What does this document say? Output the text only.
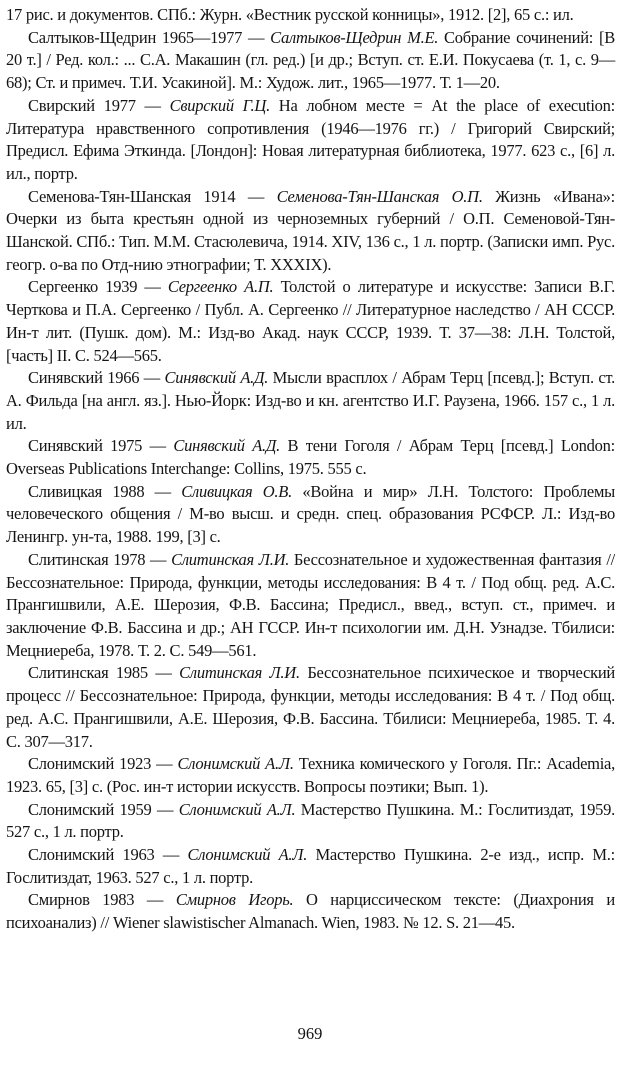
17 рис. и документов. СПб.: Журн. «Вестник русской конницы», 1912. [2], 65 с.: ил.

Салтыков-Щедрин 1965—1977 — Салтыков-Щедрин М.Е. Собрание сочинений: [В 20 т.] / Ред. кол.: ... С.А. Макашин (гл. ред.) [и др.; Вступ. ст. Е.И. Покусаева (т. 1, с. 9—68); Ст. и примеч. Т.И. Усакиной]. М.: Худож. лит., 1965—1977. Т. 1—20.

Свирский 1977 — Свирский Г.Ц. На лобном месте = At the place of execution: Литература нравственного сопротивления (1946—1976 гг.) / Григорий Свирский; Предисл. Ефима Эткинда. [Лондон]: Новая литературная библиотека, 1977. 623 с., [6] л. ил., портр.

Семенова-Тян-Шанская 1914 — Семенова-Тян-Шанская О.П. Жизнь «Ивана»: Очерки из быта крестьян одной из черноземных губерний / О.П. Семеновой-Тян-Шанской. СПб.: Тип. М.М. Стасюлевича, 1914. XIV, 136 с., 1 л. портр. (Записки имп. Рус. геогр. о-ва по Отд-нию этнографии; Т. XXXIX).

Сергеенко 1939 — Сергеенко А.П. Толстой о литературе и искусстве: Записи В.Г. Черткова и П.А. Сергеенко / Публ. А. Сергеенко // Литературное наследство / АН СССР. Ин-т лит. (Пушк. дом). М.: Изд-во Акад. наук СССР, 1939. Т. 37—38: Л.Н. Толстой, [часть] II. С. 524—565.

Синявский 1966 — Синявский А.Д. Мысли врасплох / Абрам Терц [псевд.]; Вступ. ст. А. Фильда [на англ. яз.]. Нью-Йорк: Изд-во и кн. агентство И.Г. Раузена, 1966. 157 с., 1 л. ил.

Синявский 1975 — Синявский А.Д. В тени Гоголя / Абрам Терц [псевд.] London: Overseas Publications Interchange: Collins, 1975. 555 с.

Сливицкая 1988 — Сливицкая О.В. «Война и мир» Л.Н. Толстого: Проблемы человеческого общения / М-во высш. и средн. спец. образования РСФСР. Л.: Изд-во Ленингр. ун-та, 1988. 199, [3] с.

Слитинская 1978 — Слитинская Л.И. Бессознательное и художественная фантазия // Бессознательное: Природа, функции, методы исследования: В 4 т. / Под общ. ред. А.С. Прангишвили, А.Е. Шерозия, Ф.В. Бассина; Предисл., введ., вступ. ст., примеч. и заключение Ф.В. Бассина и др.; АН ГССР. Ин-т психологии им. Д.Н. Узнадзе. Тбилиси: Мецниереба, 1978. Т. 2. С. 549—561.

Слитинская 1985 — Слитинская Л.И. Бессознательное психическое и творческий процесс // Бессознательное: Природа, функции, методы исследования: В 4 т. / Под общ. ред. А.С. Прангишвили, А.Е. Шерозия, Ф.В. Бассина. Тбилиси: Мецниереба, 1985. Т. 4. С. 307—317.

Слонимский 1923 — Слонимский А.Л. Техника комического у Гоголя. Пг.: Academia, 1923. 65, [3] с. (Рос. ин-т истории искусств. Вопросы поэтики; Вып. 1).

Слонимский 1959 — Слонимский А.Л. Мастерство Пушкина. М.: Гослитиздат, 1959. 527 с., 1 л. портр.

Слонимский 1963 — Слонимский А.Л. Мастерство Пушкина. 2-е изд., испр. М.: Гослитиздат, 1963. 527 с., 1 л. портр.

Смирнов 1983 — Смирнов Игорь. О нарциссическом тексте: (Диахрония и психоанализ) // Wiener slawistischer Almanach. Wien, 1983. № 12. S. 21—45.

969
